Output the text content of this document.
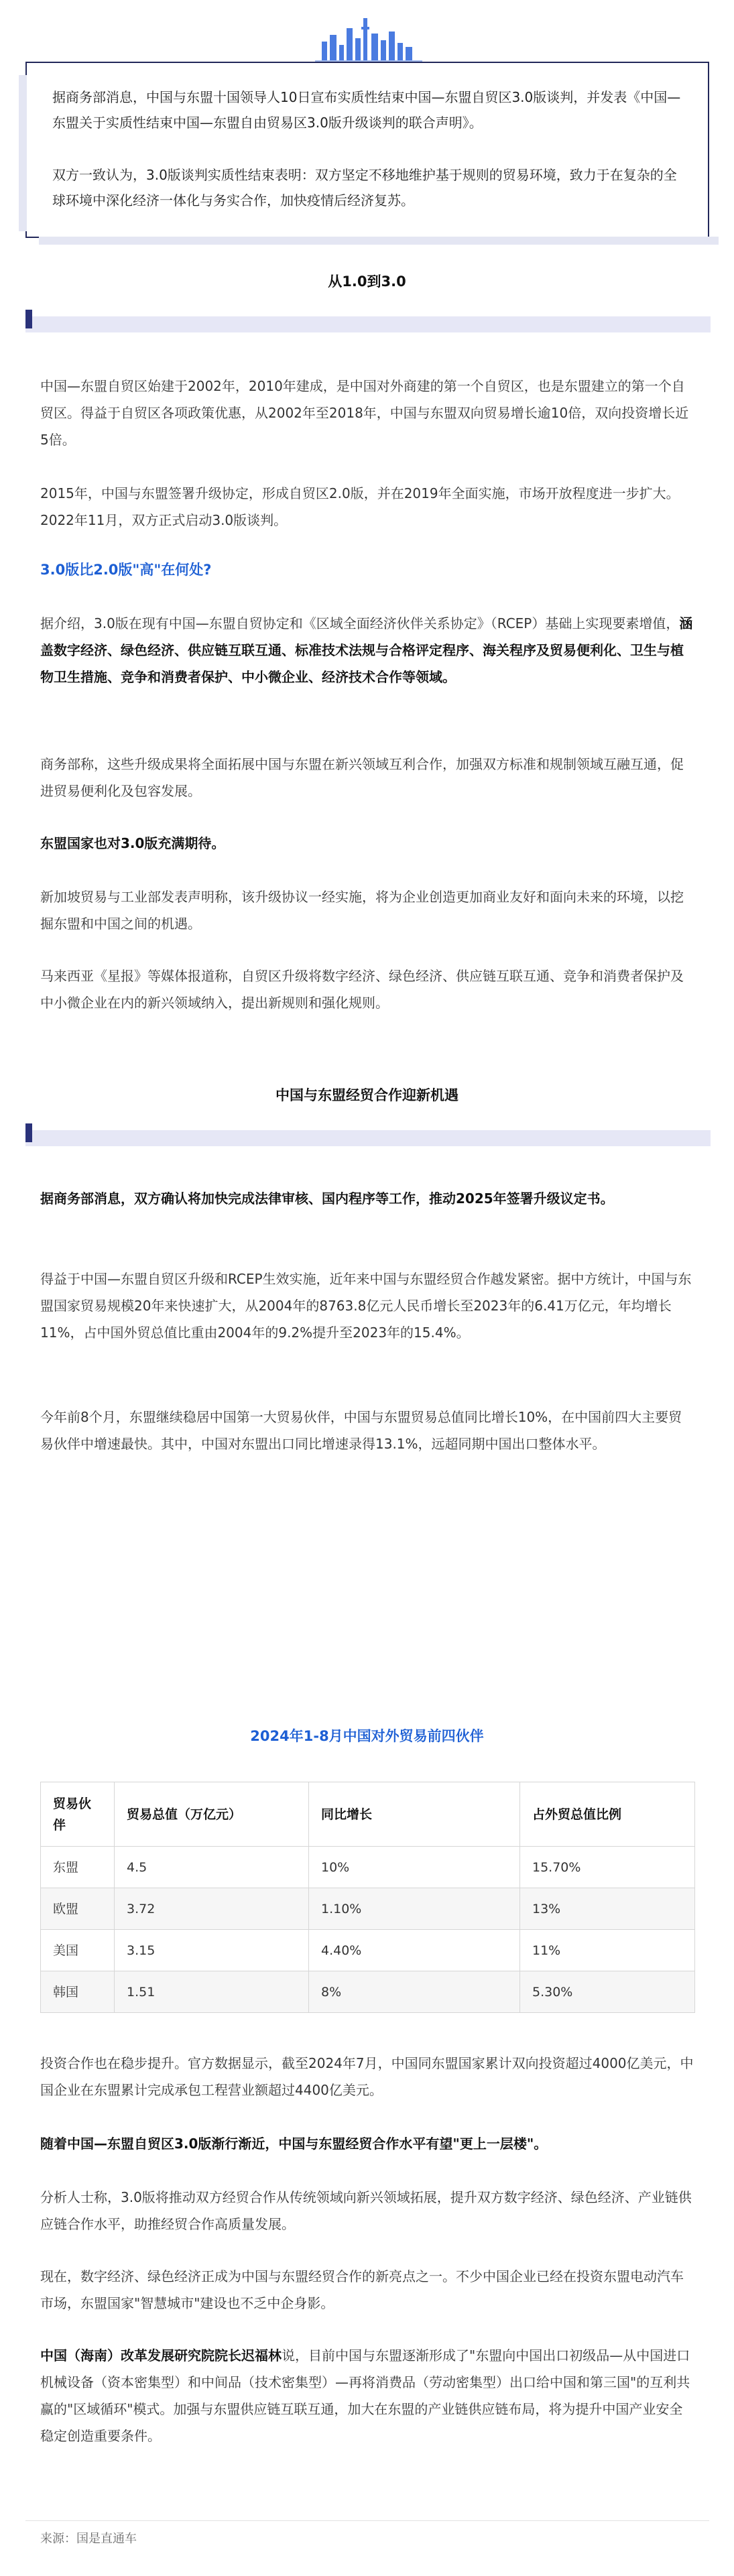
据商务部消息，中国与东盟十国领导人10日宣布实质性结束中国—东盟自贸区3.0版谈判，并发表《中国—东盟关于实质性结束中国—东盟自由贸易区3.0版升级谈判的联合声明》。

双方一致认为，3.0版谈判实质性结束表明：双方坚定不移地维护基于规则的贸易环境，致力于在复杂的全球环境中深化经济一体化与务实合作，加快疫情后经济复苏。

从1.0到3.0

中国—东盟自贸区始建于2002年，2010年建成，是中国对外商建的第一个自贸区，也是东盟建立的第一个自贸区。得益于自贸区各项政策优惠，从2002年至2018年，中国与东盟双向贸易增长逾10倍，双向投资增长近5倍。

2015年，中国与东盟签署升级协定，形成自贸区2.0版，并在2019年全面实施，市场开放程度进一步扩大。2022年11月，双方正式启动3.0版谈判。

3.0版比2.0版"高"在何处?

据介绍，3.0版在现有中国—东盟自贸协定和《区域全面经济伙伴关系协定》（RCEP）基础上实现要素增值，涵盖数字经济、绿色经济、供应链互联互通、标准技术法规与合格评定程序、海关程序及贸易便利化、卫生与植物卫生措施、竞争和消费者保护、中小微企业、经济技术合作等领域。

商务部称，这些升级成果将全面拓展中国与东盟在新兴领域互利合作，加强双方标准和规制领域互融互通，促进贸易便利化及包容发展。

东盟国家也对3.0版充满期待。

新加坡贸易与工业部发表声明称，该升级协议一经实施，将为企业创造更加商业友好和面向未来的环境，以挖掘东盟和中国之间的机遇。

马来西亚《星报》等媒体报道称，自贸区升级将数字经济、绿色经济、供应链互联互通、竞争和消费者保护及中小微企业在内的新兴领域纳入，提出新规则和强化规则。

中国与东盟经贸合作迎新机遇
据商务部消息，双方确认将加快完成法律审核、国内程序等工作，推动2025年签署升级议定书。

得益于中国—东盟自贸区升级和RCEP生效实施，近年来中国与东盟经贸合作越发紧密。据中方统计，中国与东盟国家贸易规模20年来快速扩大，从2004年的8763.8亿元人民币增长至2023年的6.41万亿元，年均增长11%，占中国外贸总值比重由2004年的9.2%提升至2023年的15.4%。

今年前8个月，东盟继续稳居中国第一大贸易伙伴，中国与东盟贸易总值同比增长10%，在中国前四大主要贸易伙伴中增速最快。其中，中国对东盟出口同比增速录得13.1%，远超同期中国出口整体水平。

2024年1-8月中国对外贸易前四伙伴
贸易伙伴	贸易总值（万亿元）	同比增长	占外贸总值比例
东盟	4.5	10%	15.70%
欧盟	3.72	1.10%	13%
美国	3.15	4.40%	11%
韩国	1.51	8%	5.30%

投资合作也在稳步提升。官方数据显示，截至2024年7月，中国同东盟国家累计双向投资超过4000亿美元，中国企业在东盟累计完成承包工程营业额超过4400亿美元。

随着中国—东盟自贸区3.0版渐行渐近，中国与东盟经贸合作水平有望"更上一层楼"。

分析人士称，3.0版将推动双方经贸合作从传统领域向新兴领域拓展，提升双方数字经济、绿色经济、产业链供应链合作水平，助推经贸合作高质量发展。

现在，数字经济、绿色经济正成为中国与东盟经贸合作的新亮点之一。不少中国企业已经在投资东盟电动汽车市场，东盟国家"智慧城市"建设也不乏中企身影。

中国（海南）改革发展研究院院长迟福林说，目前中国与东盟逐渐形成了"东盟向中国出口初级品—从中国进口机械设备（资本密集型）和中间品（技术密集型）—再将消费品（劳动密集型）出口给中国和第三国"的互利共赢的"区域循环"模式。加强与东盟供应链互联互通，加大在东盟的产业链供应链布局，将为提升中国产业安全稳定创造重要条件。

来源：国是直通车
